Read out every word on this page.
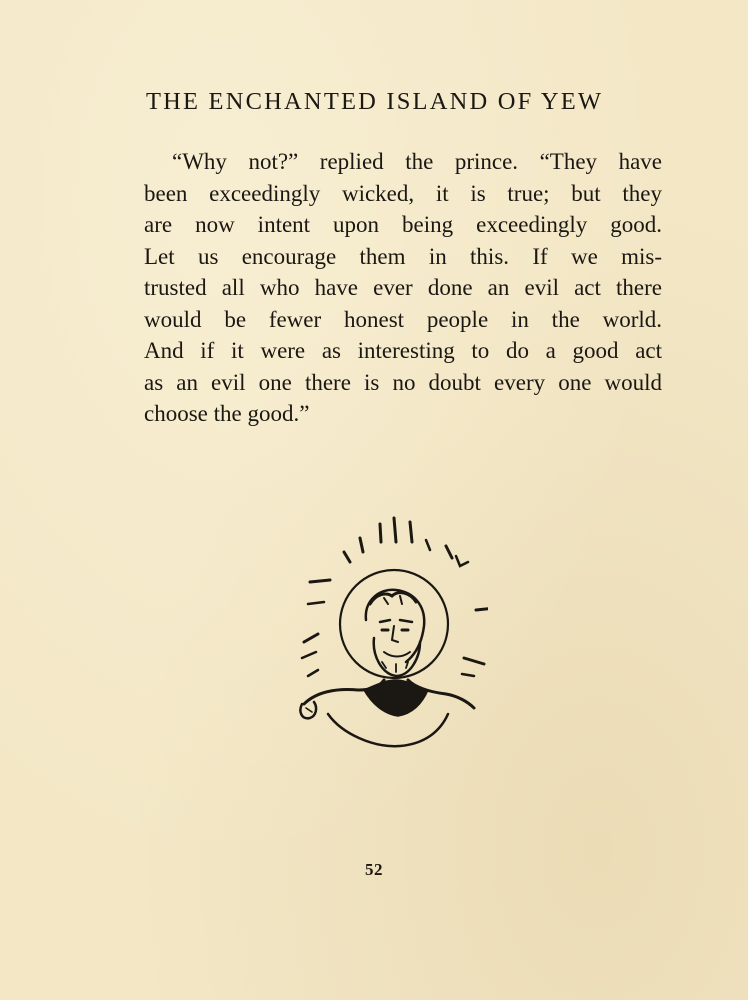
THE ENCHANTED ISLAND OF YEW
“Why not?” replied the prince. “They have
been exceedingly wicked, it is true; but they
are now intent upon being exceedingly good.
Let us encourage them in this. If we mis-
trusted all who have ever done an evil act there
would be fewer honest people in the world.
And if it were as interesting to do a good act
as an evil one there is no doubt every one would
choose the good.”
52
